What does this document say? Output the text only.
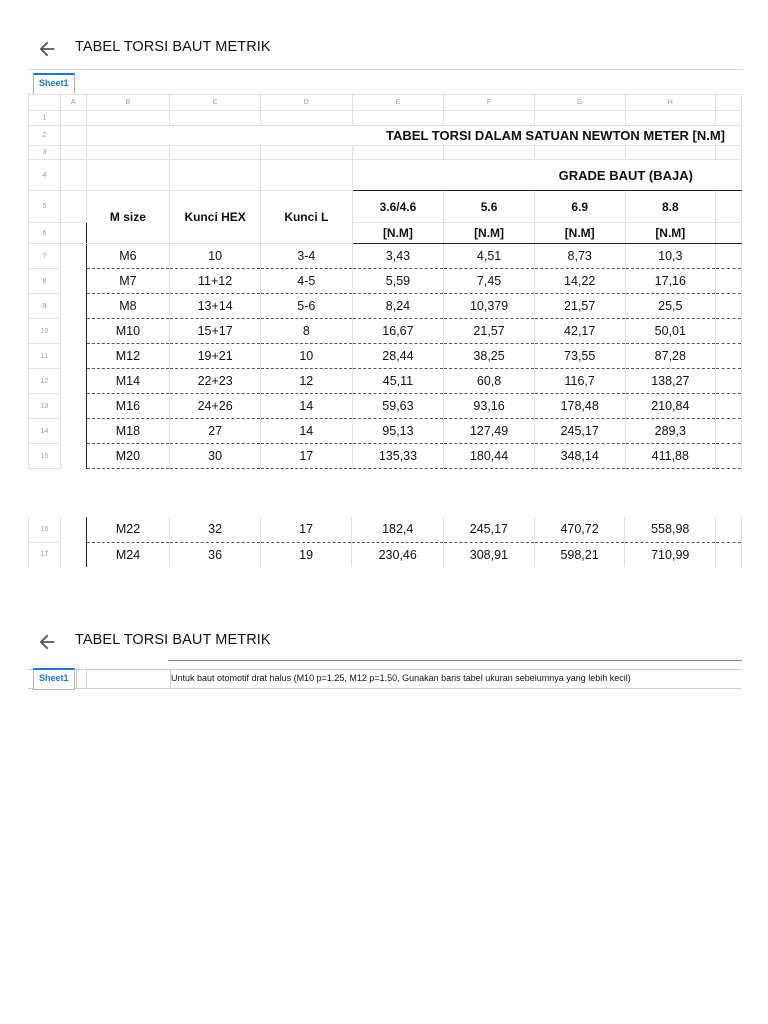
TABEL TORSI BAUT METRIK
Sheet1
	A	B	C	D	E	F	G	H	
1									
2		TABEL TORSI DALAM SATUAN NEWTON METER [N.M]							
3									
4					GRADE BAUT (BAJA)				
5		M size	Kunci HEX	Kunci L	3.6/4.6	5.6	6.9	8.8	
6					[N.M]	[N.M]	[N.M]	[N.M]	
7		M6	10	3-4	3,43	4,51	8,73	10,3	
8		M7	11+12	4-5	5,59	7,45	14,22	17,16	
9		M8	13+14	5-6	8,24	10,379	21,57	25,5	
10		M10	15+17	8	16,67	21,57	42,17	50,01	
11		M12	19+21	10	28,44	38,25	73,55	87,28	
12		M14	22+23	12	45,11	60,8	116,7	138,27	
13		M16	24+26	14	59,63	93,16	178,48	210,84	
14		M18	27	14	95,13	127,49	245,17	289,3	
15		M20	30	17	135,33	180,44	348,14	411,88	
16		M22	32	17	182,4	245,17	470,72	558,98	
17		M24	36	19	230,46	308,91	598,21	710,99	
TABEL TORSI BAUT METRIK
Untuk baut otomotif drat halus (M10 p=1.25, M12 p=1.50, Gunakan baris tabel ukuran sebelumnya yang lebih kecil)
Sheet1
